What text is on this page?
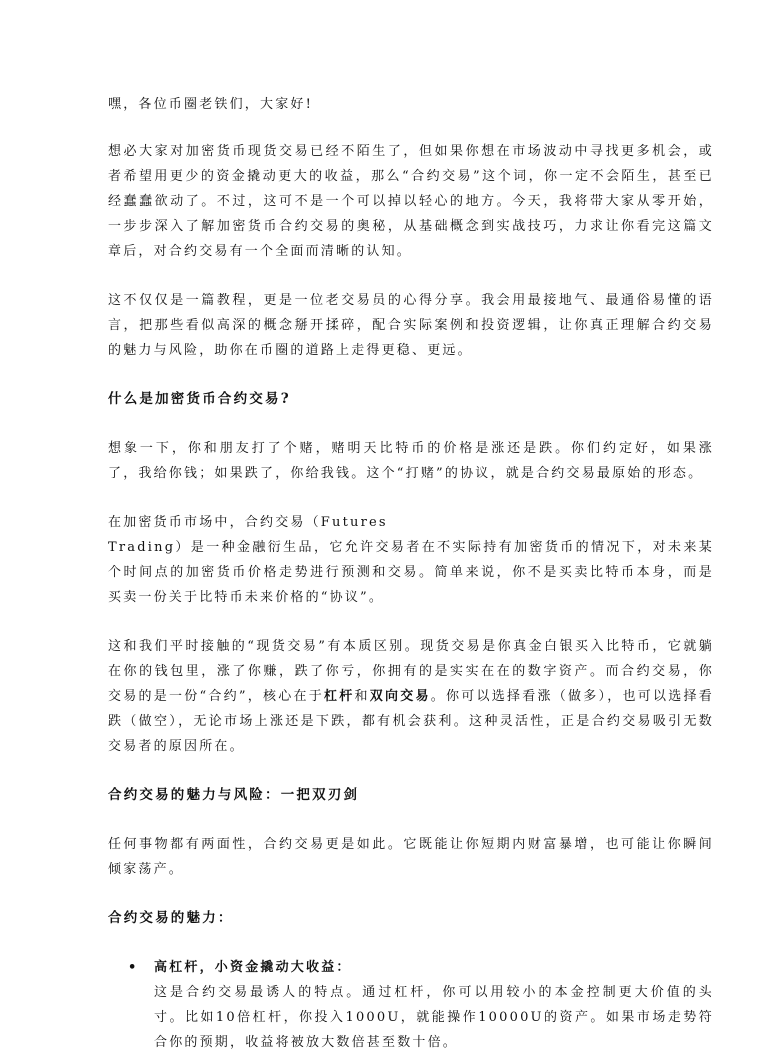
嘿，各位币圈老铁们，大家好!

想必大家对加密货币现货交易已经不陌生了，但如果你想在市场波动中寻找更多机会，或者希望用更少的资金撬动更大的收益，那么“合约交易”这个词，你一定不会陌生，甚至已经蠢蠢欲动了。不过，这可不是一个可以掉以轻心的地方。今天，我将带大家从零开始，一步步深入了解加密货币合约交易的奥秘，从基础概念到实战技巧，力求让你看完这篇文章后，对合约交易有一个全面而清晰的认知。

这不仅仅是一篇教程，更是一位老交易员的心得分享。我会用最接地气、最通俗易懂的语言，把那些看似高深的概念掰开揉碎，配合实际案例和投资逻辑，让你真正理解合约交易的魅力与风险，助你在币圈的道路上走得更稳、更远。

什么是加密货币合约交易?

想象一下，你和朋友打了个赌，赌明天比特币的价格是涨还是跌。你们约定好，如果涨了，我给你钱；如果跌了，你给我钱。这个“打赌”的协议，就是合约交易最原始的形态。

在加密货币市场中，合约交易（Futures
Trading）是一种金融衍生品，它允许交易者在不实际持有加密货币的情况下，对未来某个时间点的加密货币价格走势进行预测和交易。简单来说，你不是买卖比特币本身，而是买卖一份关于比特币未来价格的“协议”。

这和我们平时接触的“现货交易”有本质区别。现货交易是你真金白银买入比特币，它就躺在你的钱包里，涨了你赚，跌了你亏，你拥有的是实实在在的数字资产。而合约交易，你交易的是一份“合约”，核心在于杠杆和双向交易。你可以选择看涨（做多），也可以选择看跌（做空），无论市场上涨还是下跌，都有机会获利。这种灵活性，正是合约交易吸引无数交易者的原因所在。

合约交易的魅力与风险：一把双刃剑

任何事物都有两面性，合约交易更是如此。它既能让你短期内财富暴增，也可能让你瞬间倾家荡产。

合约交易的魅力：
• 高杠杆，小资金撬动大收益：
这是合约交易最诱人的特点。通过杠杆，你可以用较小的本金控制更大价值的头寸。比如10倍杠杆，你投入1000U，就能操作10000U的资产。如果市场走势符合你的预期，收益将被放大数倍甚至数十倍。
